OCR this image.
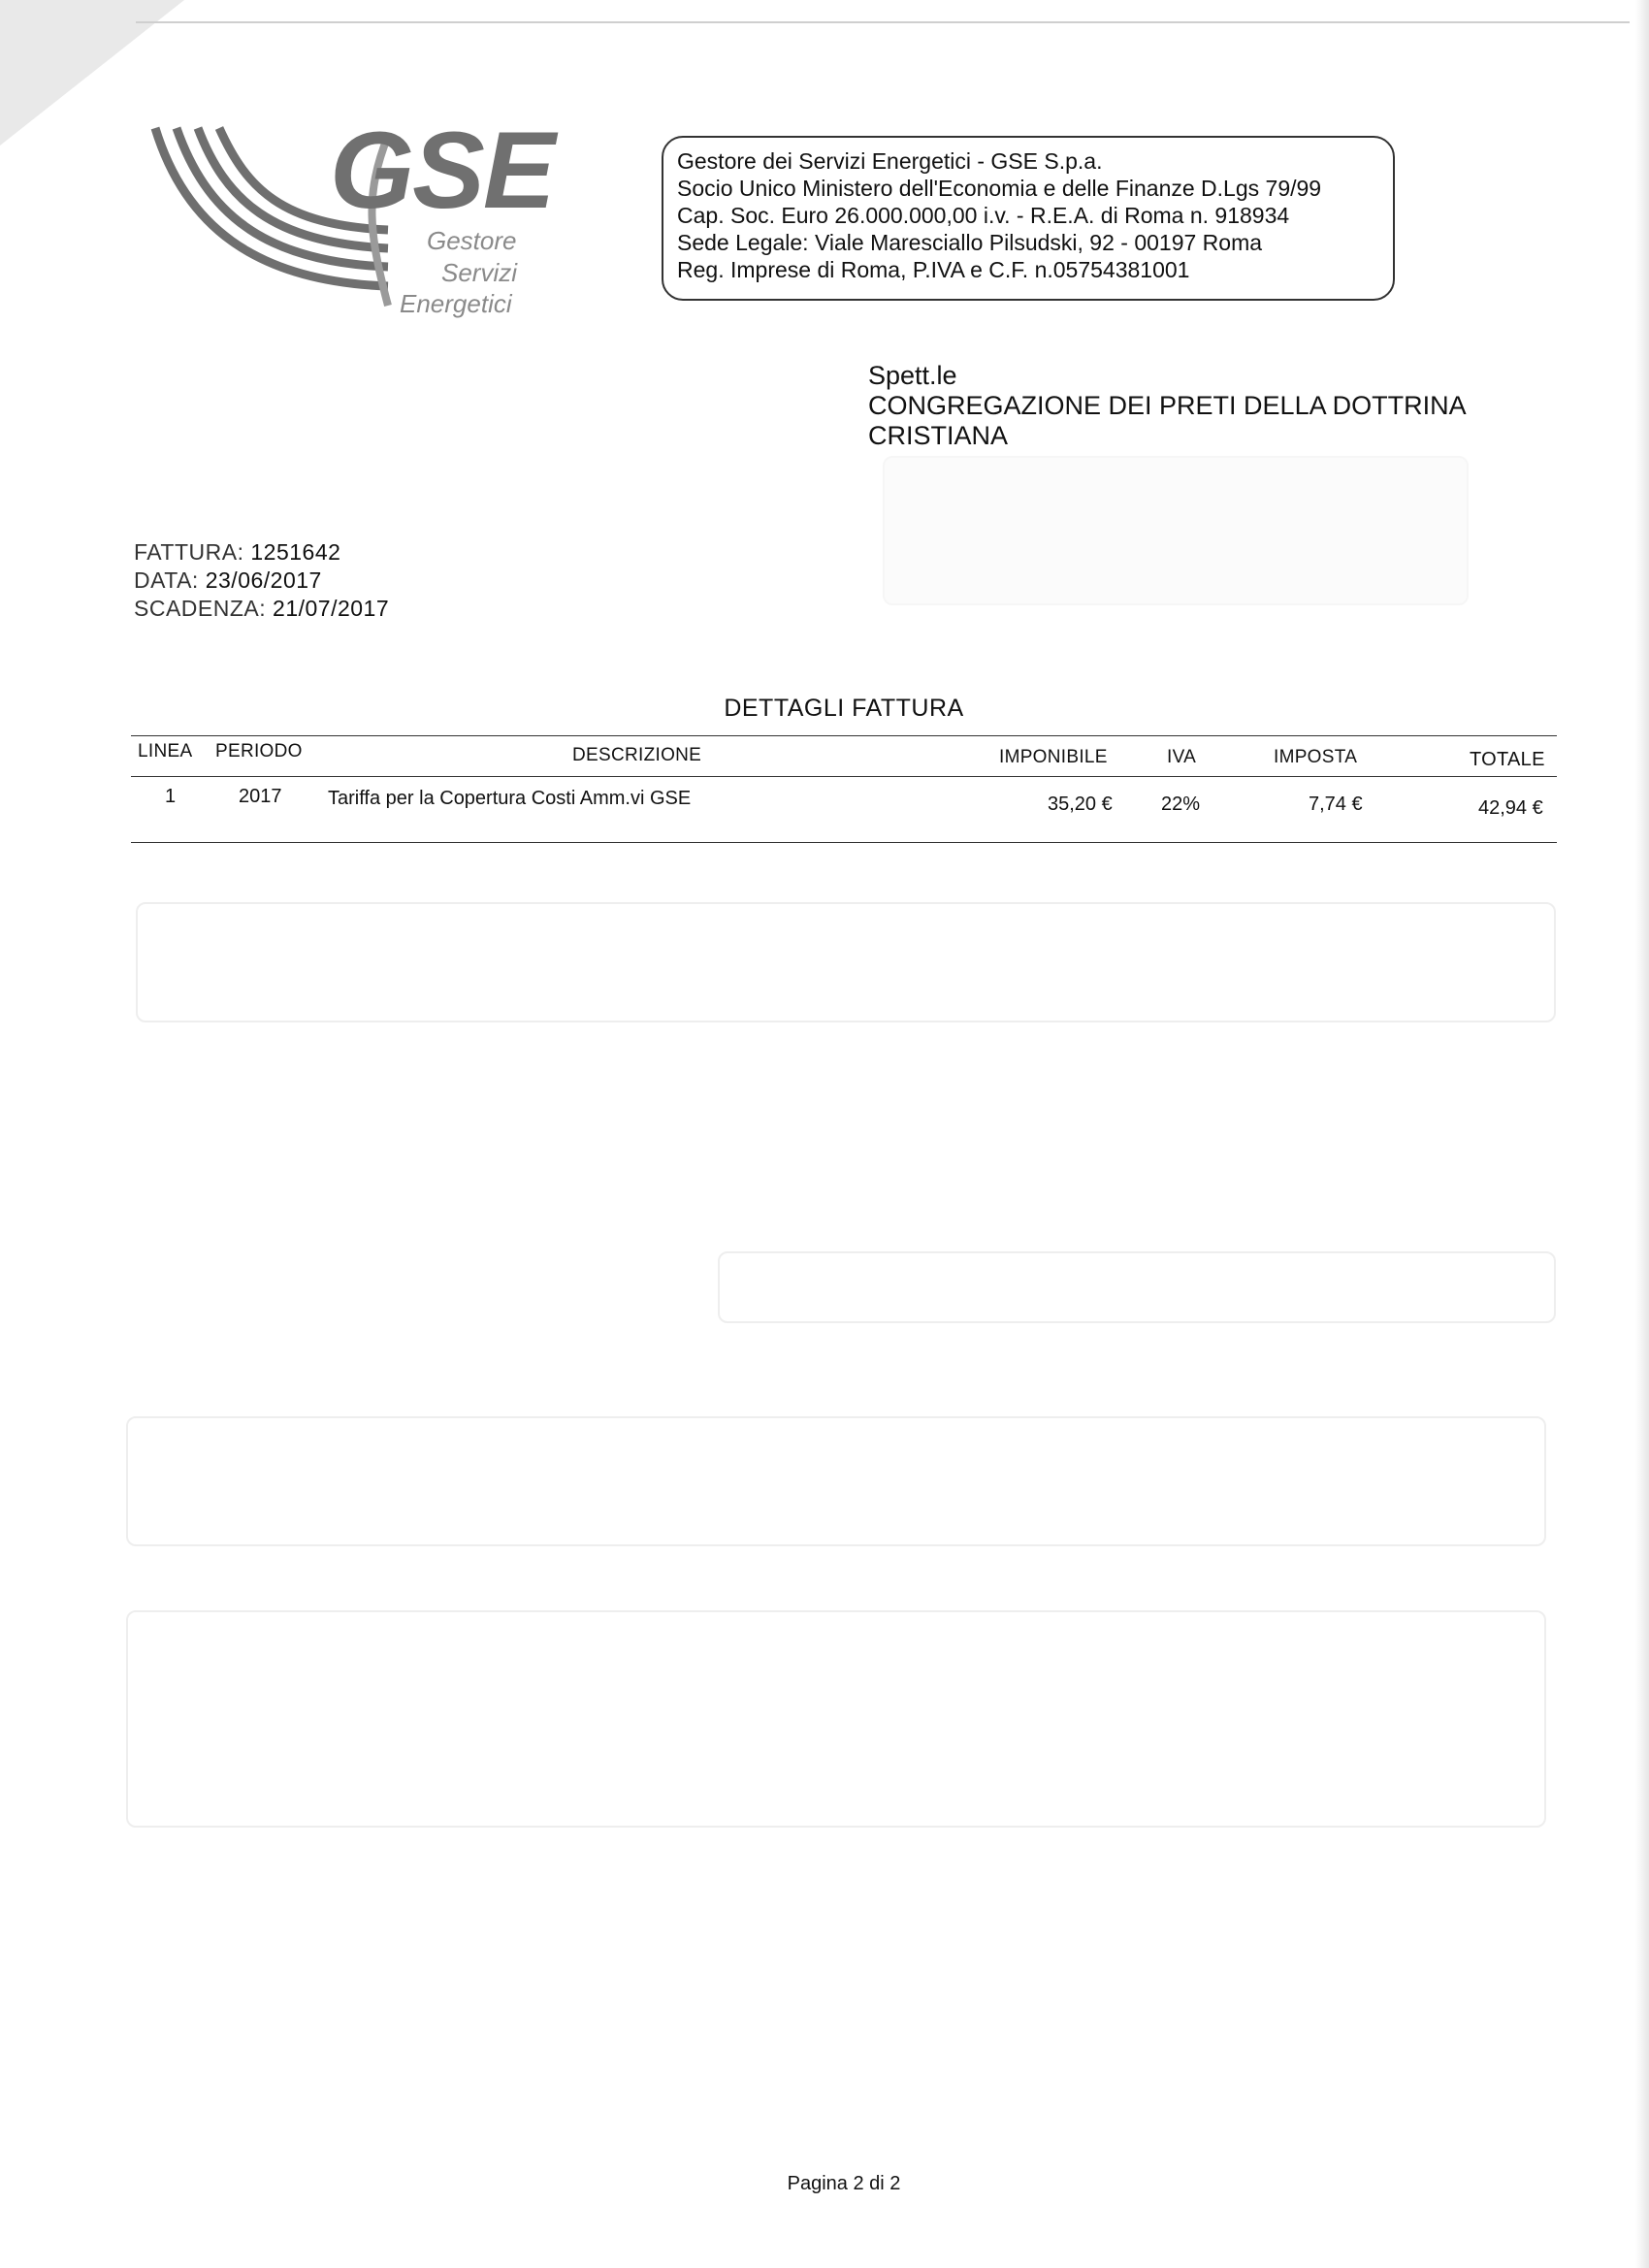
GSE
Gestore
Servizi
Energetici
Gestore dei Servizi Energetici - GSE S.p.a.
Socio Unico Ministero dell'Economia e delle Finanze D.Lgs 79/99
Cap. Soc. Euro 26.000.000,00 i.v. - R.E.A. di Roma n. 918934
Sede Legale: Viale Maresciallo Pilsudski, 92 - 00197 Roma
Reg. Imprese di Roma, P.IVA e C.F. n.05754381001
Spett.le
CONGREGAZIONE DEI PRETI DELLA DOTTRINA
CRISTIANA
FATTURA: 1251642
DATA: 23/06/2017
SCADENZA: 21/07/2017
DETTAGLI FATTURA
LINEA PERIODO	DESCRIZIONE	IMPONIBILE	IVA	IMPOSTA	TOTALE
1	2017 Tariffa per la Copertura Costi Amm.vi GSE	35,20 €	22%	7,74 €	42,94 €
Pagina 2 di 2
